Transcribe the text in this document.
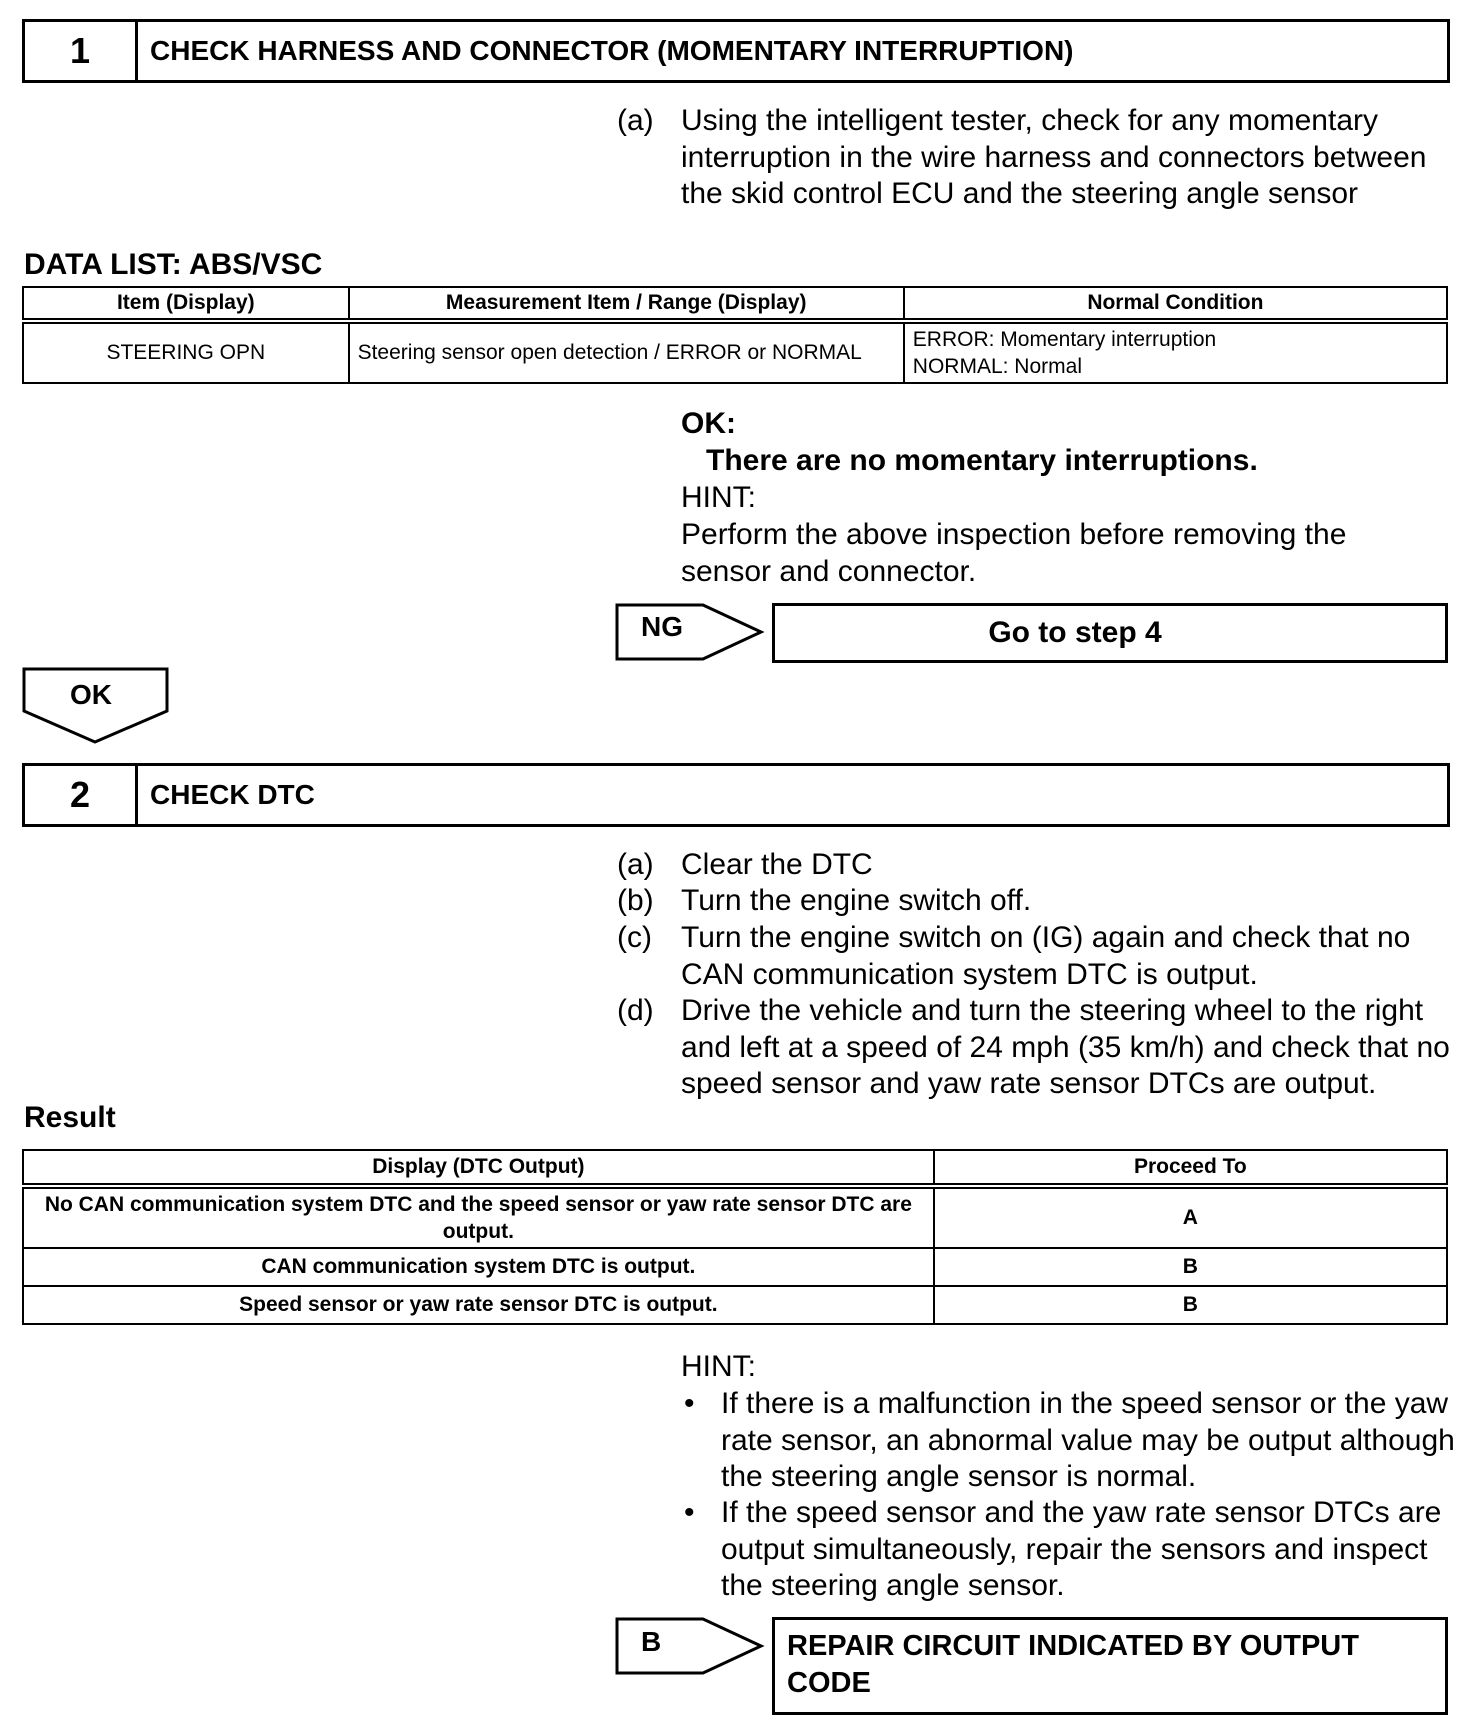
1	CHECK HARNESS AND CONNECTOR (MOMENTARY INTERRUPTION)
(a) Using the intelligent tester, check for any momentary interruption in the wire harness and connectors between the skid control ECU and the steering angle sensor
DATA LIST: ABS/VSC
Item (Display)	Measurement Item / Range (Display)	Normal Condition
STEERING OPN	Steering sensor open detection / ERROR or NORMAL	ERROR: Momentary interruption
NORMAL: Normal
OK:
There are no momentary interruptions.
HINT:
Perform the above inspection before removing the sensor and connector.
NG	Go to step 4
OK
2	CHECK DTC
(a) Clear the DTC
(b) Turn the engine switch off.
(c) Turn the engine switch on (IG) again and check that no CAN communication system DTC is output.
(d) Drive the vehicle and turn the steering wheel to the right and left at a speed of 24 mph (35 km/h) and check that no speed sensor and yaw rate sensor DTCs are output.
Result
Display (DTC Output)	Proceed To
No CAN communication system DTC and the speed sensor or yaw rate sensor DTC are output.	A
CAN communication system DTC is output.	B
Speed sensor or yaw rate sensor DTC is output.	B
HINT:
• If there is a malfunction in the speed sensor or the yaw rate sensor, an abnormal value may be output although the steering angle sensor is normal.
• If the speed sensor and the yaw rate sensor DTCs are output simultaneously, repair the sensors and inspect the steering angle sensor.
B	REPAIR CIRCUIT INDICATED BY OUTPUT CODE
